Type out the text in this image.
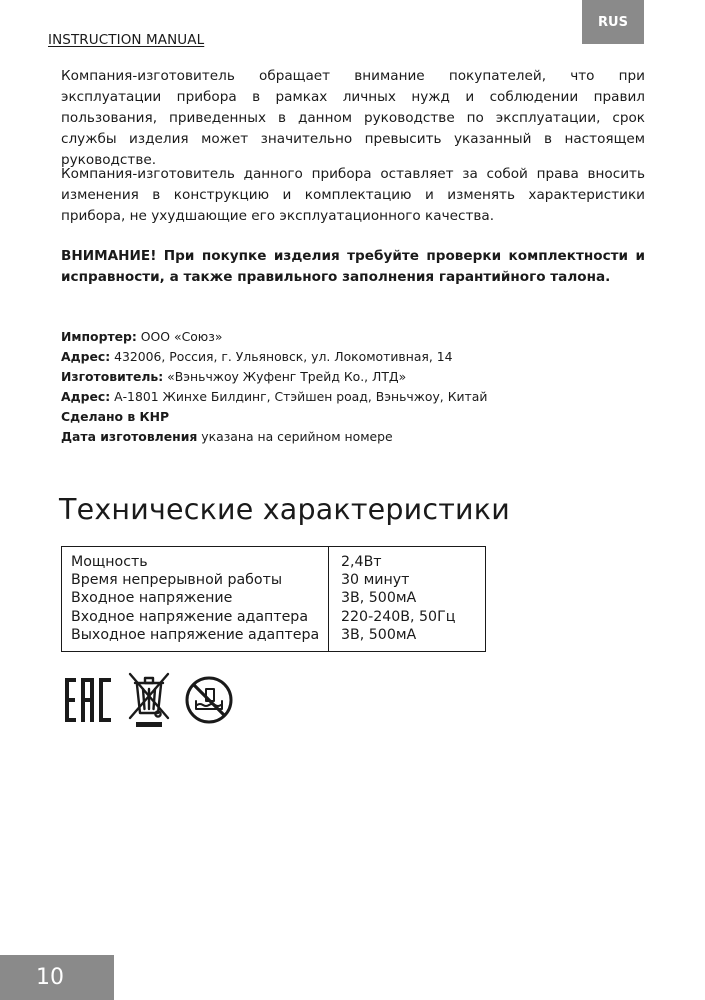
RUS
INSTRUCTION MANUAL
Компания-изготовитель обращает внимание покупателей, что при эксплуатации прибора в рамках личных нужд и соблюдении правил пользования, приведенных в данном руководстве по эксплуатации, срок службы изделия может значительно превысить указанный в настоящем руководстве.
Компания-изготовитель данного прибора оставляет за собой права вносить изменения в конструкцию и комплектацию и изменять характеристики прибора, не ухудшающие его эксплуатационного качества.
ВНИМАНИЕ! При покупке изделия требуйте проверки комплектности и исправности, а также правильного заполнения гарантийного талона.
Импортер: ООО «Союз»
Адрес: 432006, Россия, г. Ульяновск, ул. Локомотивная, 14
Изготовитель: «Вэньчжоу Жуфенг Трейд Ко., ЛТД»
Адрес: А-1801 Жинхе Билдинг, Стэйшен роад, Вэньчжоу, Китай
Сделано в КНР
Дата изготовления указана на серийном номере
Технические характеристики
Мощность
Время непрерывной работы
Входное напряжение
Входное напряжение адаптера
Выходное напряжение адаптера
2,4Вт
30 минут
3В, 500мА
220-240В, 50Гц
3В, 500мА
10
